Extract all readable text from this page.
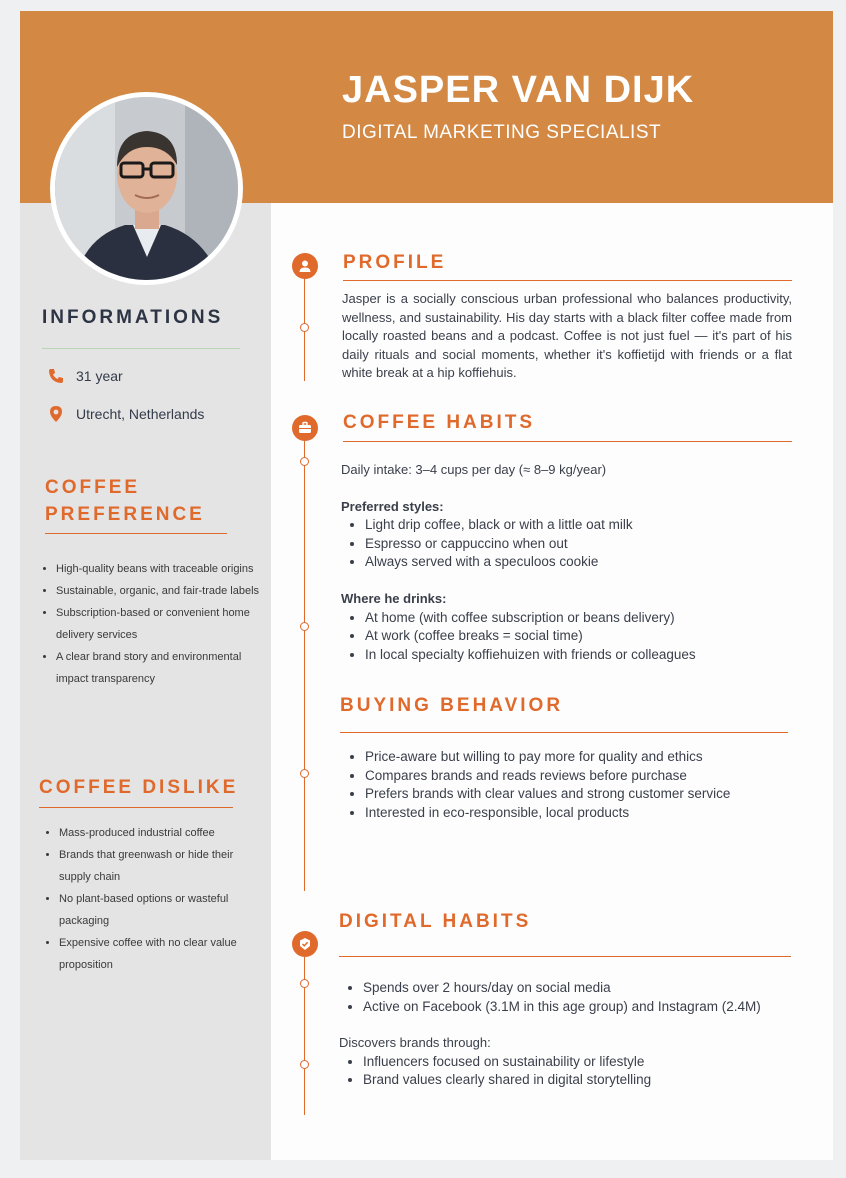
JASPER VAN DIJK
DIGITAL MARKETING SPECIALIST
INFORMATIONS
31 year
Utrecht, Netherlands
COFFEE
PREFERENCE
• High-quality beans with traceable origins
• Sustainable, organic, and fair-trade labels
• Subscription-based or convenient home delivery services
• A clear brand story and environmental impact transparency
COFFEE DISLIKE
• Mass-produced industrial coffee
• Brands that greenwash or hide their supply chain
• No plant-based options or wasteful packaging
• Expensive coffee with no clear value proposition
PROFILE
Jasper is a socially conscious urban professional who balances productivity, wellness, and sustainability. His day starts with a black filter coffee made from locally roasted beans and a podcast. Coffee is not just fuel — it's part of his daily rituals and social moments, whether it's koffietijd with friends or a flat white break at a hip koffiehuis.
COFFEE HABITS
Daily intake: 3–4 cups per day (≈ 8–9 kg/year)
Preferred styles:
• Light drip coffee, black or with a little oat milk
• Espresso or cappuccino when out
• Always served with a speculoos cookie
Where he drinks:
• At home (with coffee subscription or beans delivery)
• At work (coffee breaks = social time)
• In local specialty koffiehuizen with friends or colleagues
BUYING BEHAVIOR
• Price-aware but willing to pay more for quality and ethics
• Compares brands and reads reviews before purchase
• Prefers brands with clear values and strong customer service
• Interested in eco-responsible, local products
DIGITAL HABITS
• Spends over 2 hours/day on social media
• Active on Facebook (3.1M in this age group) and Instagram (2.4M)
Discovers brands through:
• Influencers focused on sustainability or lifestyle
• Brand values clearly shared in digital storytelling
